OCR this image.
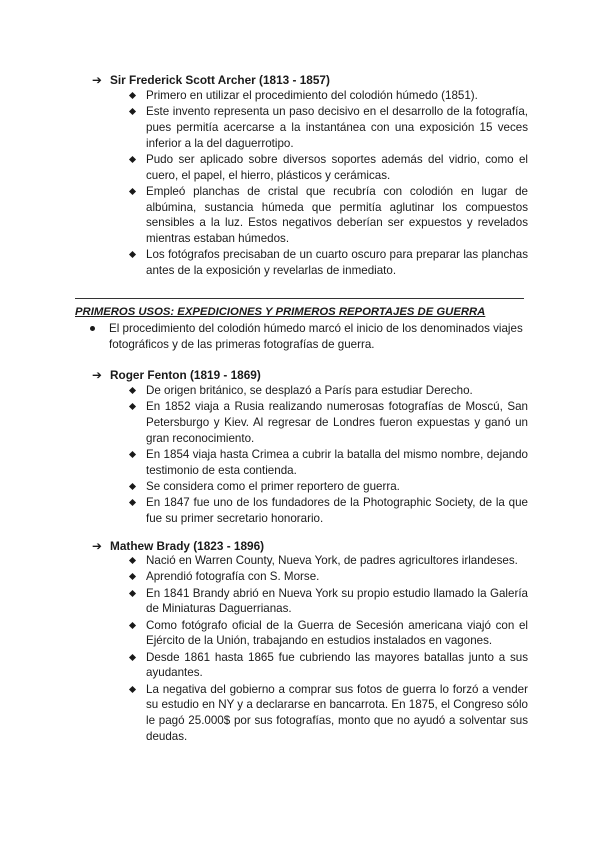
➔ Sir Frederick Scott Archer (1813 - 1857)
Primero en utilizar el procedimiento del colodión húmedo (1851).
Este invento representa un paso decisivo en el desarrollo de la fotografía, pues permitía acercarse a la instantánea con una exposición 15 veces inferior a la del daguerrotipo.
Pudo ser aplicado sobre diversos soportes además del vidrio, como el cuero, el papel, el hierro, plásticos y cerámicas.
Empleó planchas de cristal que recubría con colodión en lugar de albúmina, sustancia húmeda que permitía aglutinar los compuestos sensibles a la luz. Estos negativos deberían ser expuestos y revelados mientras estaban húmedos.
Los fotógrafos precisaban de un cuarto oscuro para preparar las planchas antes de la exposición y revelarlas de inmediato.
PRIMEROS USOS: EXPEDICIONES Y PRIMEROS REPORTAJES DE GUERRA
El procedimiento del colodión húmedo marcó el inicio de los denominados viajes fotográficos y de las primeras fotografías de guerra.
➔ Roger Fenton (1819 - 1869)
De origen británico, se desplazó a París para estudiar Derecho.
En 1852 viaja a Rusia realizando numerosas fotografías de Moscú, San Petersburgo y Kiev. Al regresar de Londres fueron expuestas y ganó un gran reconocimiento.
En 1854 viaja hasta Crimea a cubrir la batalla del mismo nombre, dejando testimonio de esta contienda.
Se considera como el primer reportero de guerra.
En 1847 fue uno de los fundadores de la Photographic Society, de la que fue su primer secretario honorario.
➔ Mathew Brady (1823 - 1896)
Nació en Warren County, Nueva York, de padres agricultores irlandeses.
Aprendió fotografía con S. Morse.
En 1841 Brandy abrió en Nueva York su propio estudio llamado la Galería de Miniaturas Daguerrianas.
Como fotógrafo oficial de la Guerra de Secesión americana viajó con el Ejército de la Unión, trabajando en estudios instalados en vagones.
Desde 1861 hasta 1865 fue cubriendo las mayores batallas junto a sus ayudantes.
La negativa del gobierno a comprar sus fotos de guerra lo forzó a vender su estudio en NY y a declararse en bancarrota. En 1875, el Congreso sólo le pagó 25.000$ por sus fotografías, monto que no ayudó a solventar sus deudas.
